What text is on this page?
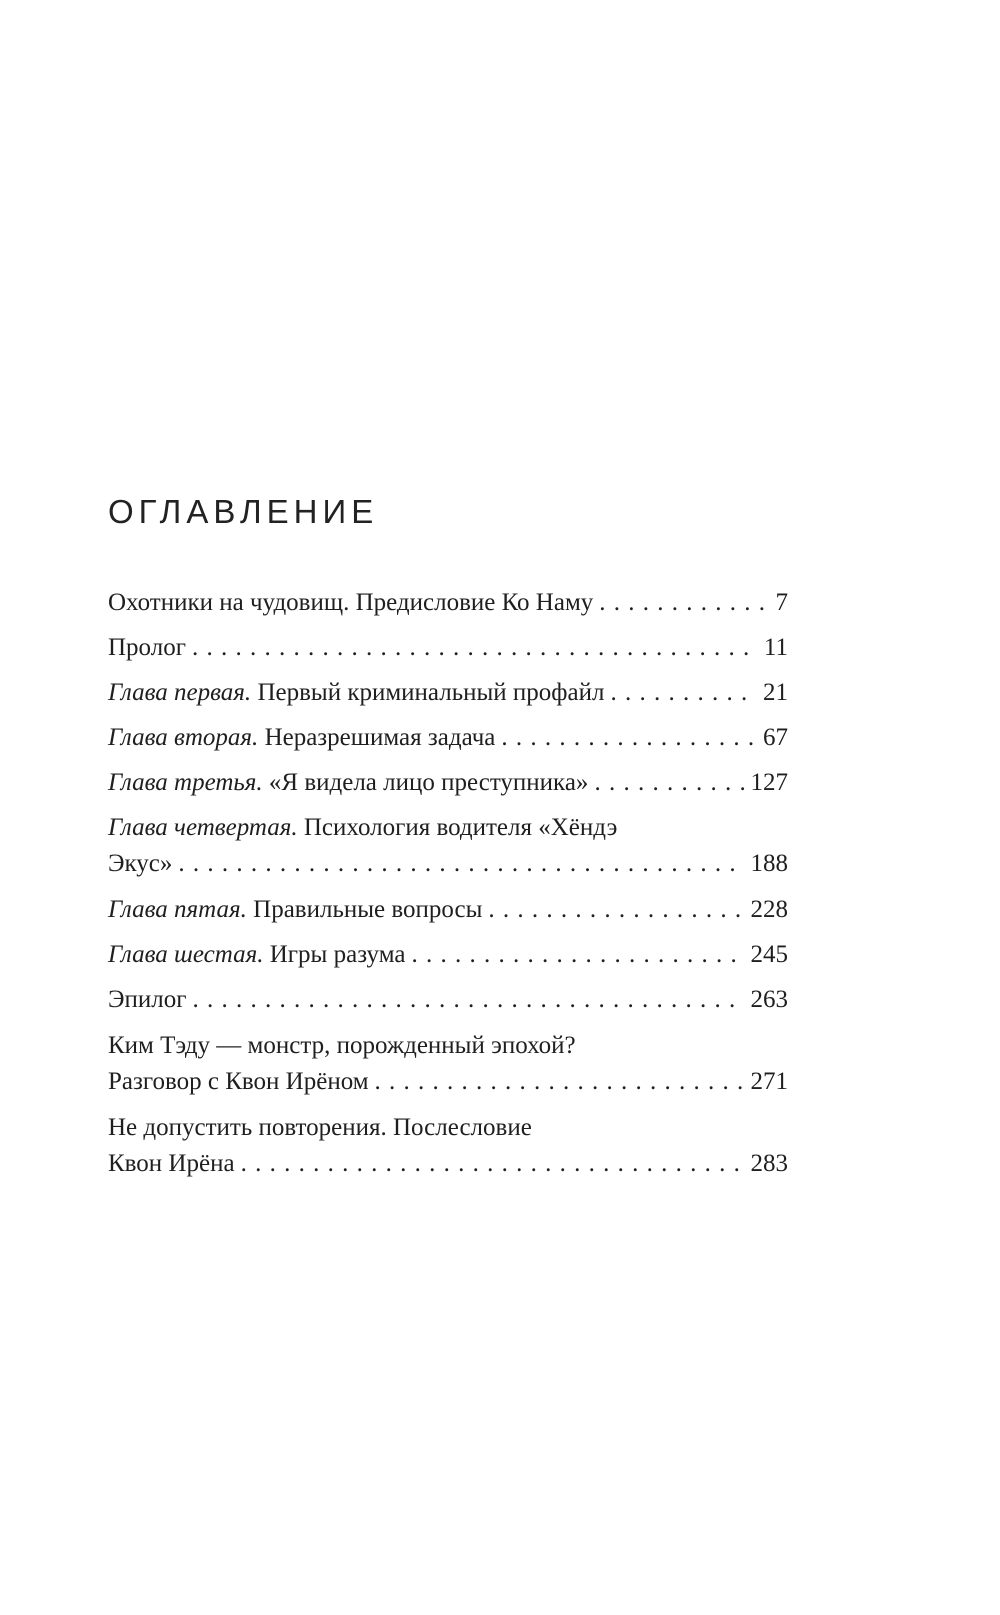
ОГЛАВЛЕНИЕ
Охотники на чудовищ. Предисловие Ко Наму . . .	7
Пролог . . .	11
Глава первая. Первый криминальный профайл . . .	21
Глава вторая. Неразрешимая задача . . .	67
Глава третья. «Я видела лицо преступника» . . .	127
Глава четвертая. Психология водителя «Хёндэ
Экус» . . .	188
Глава пятая. Правильные вопросы . . .	228
Глава шестая. Игры разума . . .	245
Эпилог . . .	263
Ким Тэду — монстр, порожденный эпохой?
Разговор с Квон Ирёном . . .	271
Не допустить повторения. Послесловие
Квон Ирёна . . .	283
